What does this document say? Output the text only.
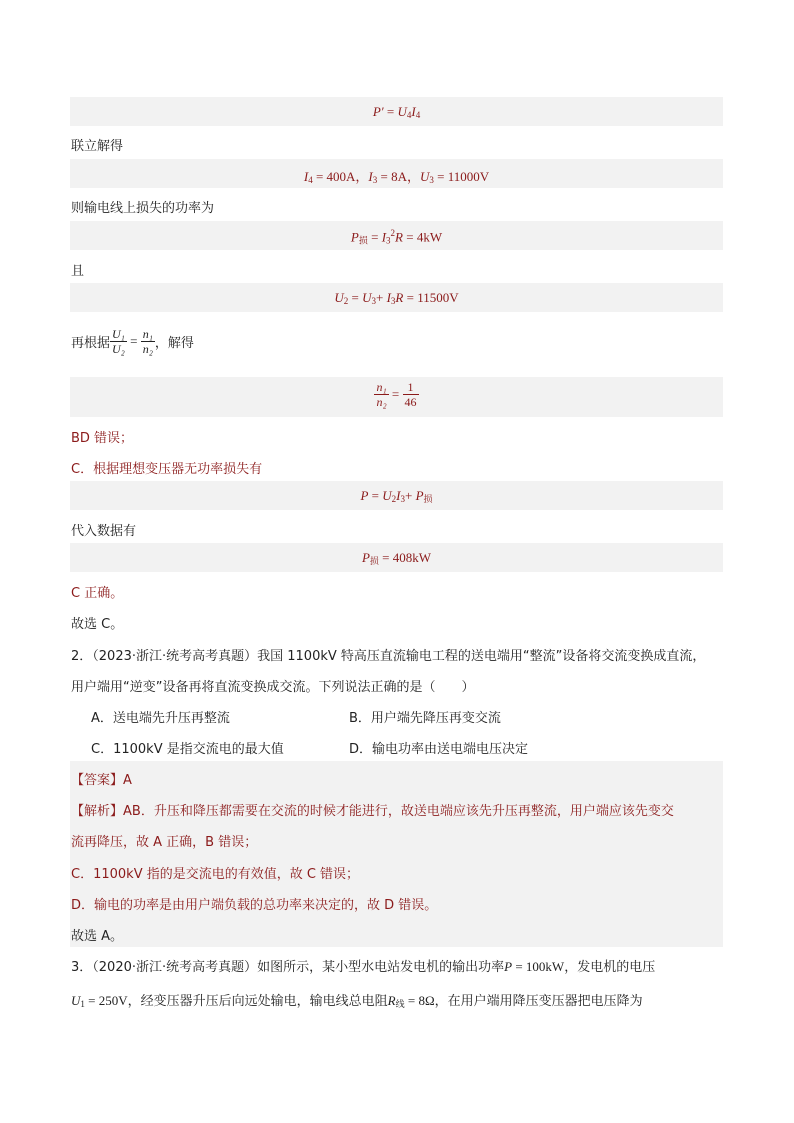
$P' = U_4I_4$
联立解得
$I_4 = 400A$，$I_3 = 8A$，$U_3 = 11000V$
则输电线上损失的功率为
$P_损 = I_3^2R = 4kW$
且
$U_2 = U_3+ I_3R = 11500V$
再根据 $\frac{\text{U₁}}{\text{U₂}} = \frac{\text{n₁}}{\text{n₂}}$ ，解得
$\frac{\text{n₁}}{\text{n₂}} = \frac{1}{46}$
BD 错误；
C．根据理想变压器无功率损失有
$P = U_2I_3+ P_损$
代入数据有
$P_损 = 408kW$
C 正确。
故选 C。
2．（2023·浙江·统考高考真题）我国 1100kV 特高压直流输电工程的送电端用“整流”设备将交流变换成直流，
用户端用“逆变”设备再将直流变换成交流。下列说法正确的是（　　）
A．送电端先升压再整流	B．用户端先降压再变交流
C．1100kV 是指交流电的最大值	D．输电功率由送电端电压决定
【答案】A
【解析】AB．升压和降压都需要在交流的时候才能进行，故送电端应该先升压再整流，用户端应该先变交
流再降压，故 A 正确，B 错误；
C．1100kV 指的是交流电的有效值，故 C 错误；
D．输电的功率是由用户端负载的总功率来决定的，故 D 错误。
故选 A。
3．（2020·浙江·统考高考真题）如图所示，某小型水电站发电机的输出功率P = 100kW，发电机的电压
$U_1 = 250V$，经变压器升压后向远处输电，输电线总电阻$R_线 = 8\Omega$，在用户端用降压变压器把电压降为
